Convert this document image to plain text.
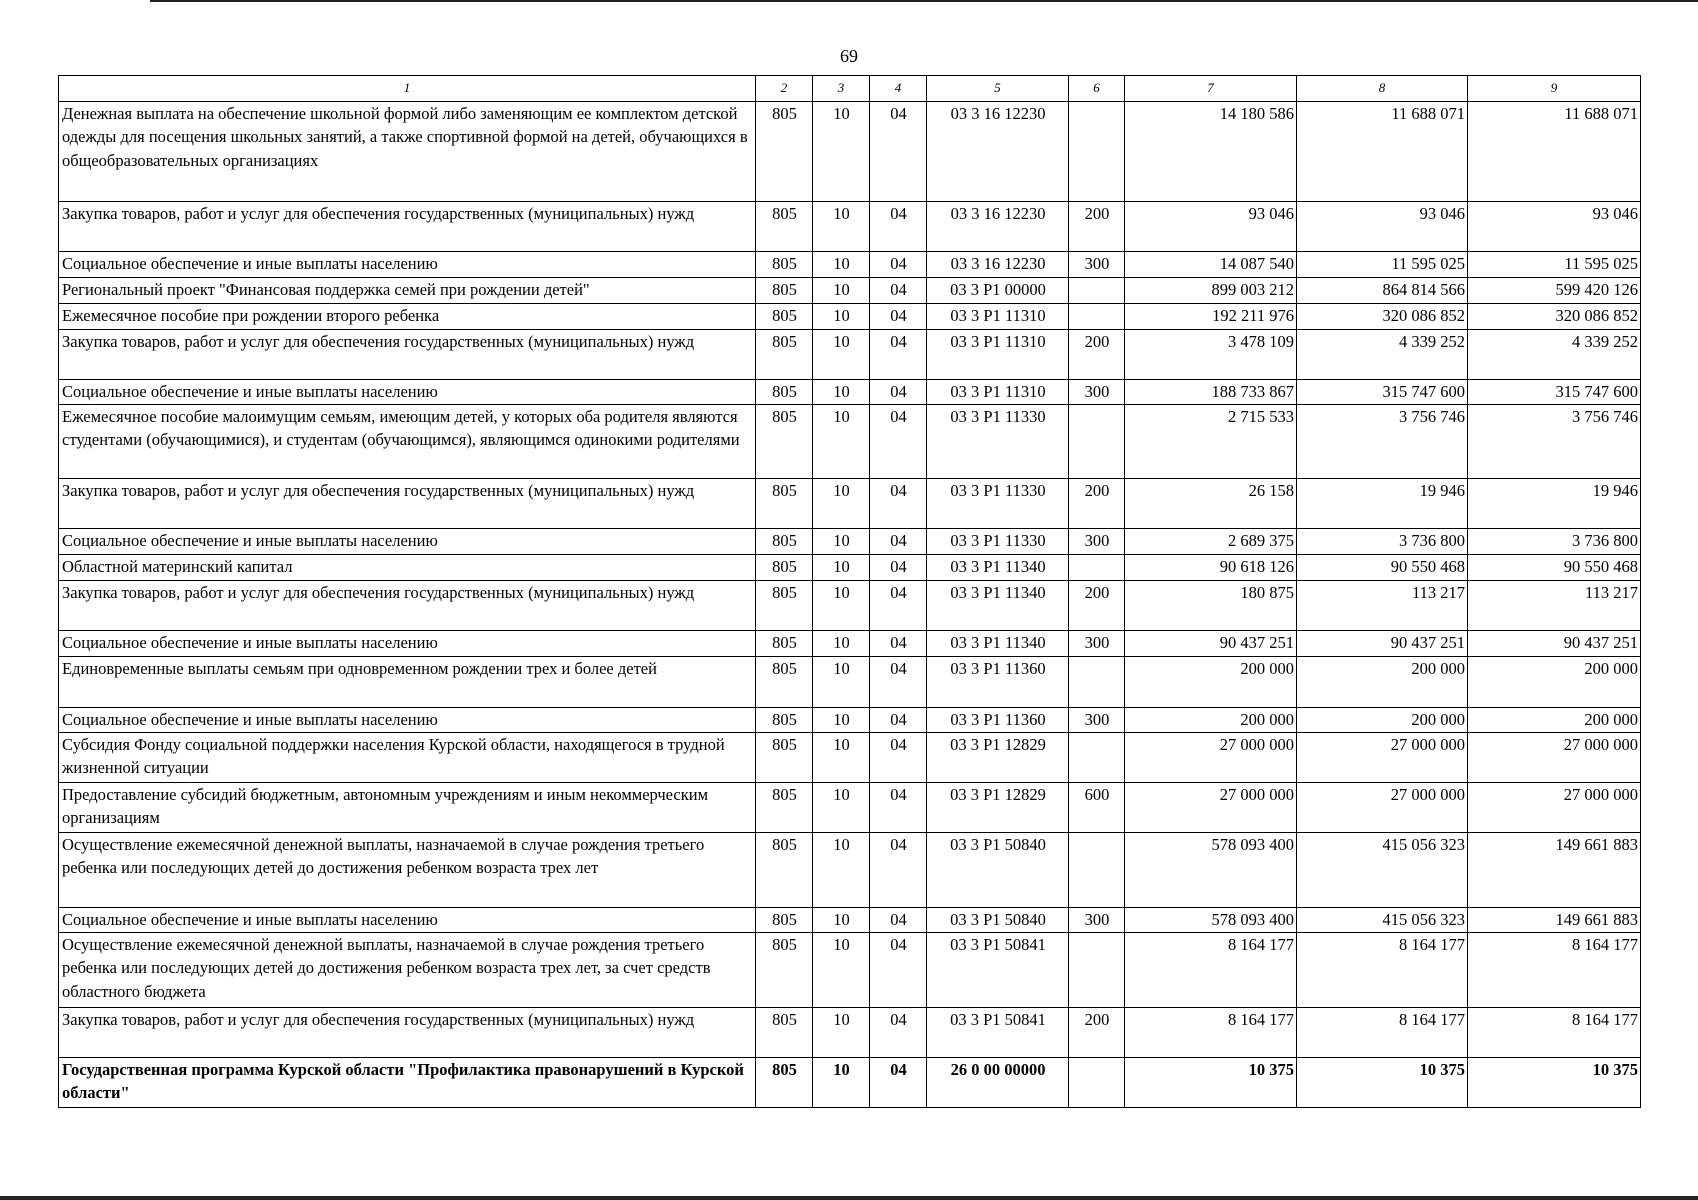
69
1	2	3	4	5	6	7	8	9
Денежная выплата на обеспечение школьной формой либо заменяющим ее комплектом детской одежды для посещения школьных занятий, а также спортивной формой на детей, обучающихся в общеобразовательных организациях	805	10	04	03 3 16 12230		14 180 586	11 688 071	11 688 071
Закупка товаров, работ и услуг для обеспечения государственных (муниципальных) нужд	805	10	04	03 3 16 12230	200	93 046	93 046	93 046
Социальное обеспечение и иные выплаты населению	805	10	04	03 3 16 12230	300	14 087 540	11 595 025	11 595 025
Региональный проект "Финансовая поддержка семей при рождении детей"	805	10	04	03 3 P1 00000		899 003 212	864 814 566	599 420 126
Ежемесячное пособие при рождении второго ребенка	805	10	04	03 3 P1 11310		192 211 976	320 086 852	320 086 852
Закупка товаров, работ и услуг для обеспечения государственных (муниципальных) нужд	805	10	04	03 3 P1 11310	200	3 478 109	4 339 252	4 339 252
Социальное обеспечение и иные выплаты населению	805	10	04	03 3 P1 11310	300	188 733 867	315 747 600	315 747 600
Ежемесячное пособие малоимущим семьям, имеющим детей, у которых оба родителя являются студентами (обучающимися), и студентам (обучающимся), являющимся одинокими родителями	805	10	04	03 3 P1 11330		2 715 533	3 756 746	3 756 746
Закупка товаров, работ и услуг для обеспечения государственных (муниципальных) нужд	805	10	04	03 3 P1 11330	200	26 158	19 946	19 946
Социальное обеспечение и иные выплаты населению	805	10	04	03 3 P1 11330	300	2 689 375	3 736 800	3 736 800
Областной материнский капитал	805	10	04	03 3 P1 11340		90 618 126	90 550 468	90 550 468
Закупка товаров, работ и услуг для обеспечения государственных (муниципальных) нужд	805	10	04	03 3 P1 11340	200	180 875	113 217	113 217
Социальное обеспечение и иные выплаты населению	805	10	04	03 3 P1 11340	300	90 437 251	90 437 251	90 437 251
Единовременные выплаты семьям при одновременном рождении трех и более детей	805	10	04	03 3 P1 11360		200 000	200 000	200 000
Социальное обеспечение и иные выплаты населению	805	10	04	03 3 P1 11360	300	200 000	200 000	200 000
Субсидия Фонду социальной поддержки населения Курской области, находящегося в трудной жизненной ситуации	805	10	04	03 3 P1 12829		27 000 000	27 000 000	27 000 000
Предоставление субсидий бюджетным, автономным учреждениям и иным некоммерческим организациям	805	10	04	03 3 P1 12829	600	27 000 000	27 000 000	27 000 000
Осуществление ежемесячной денежной выплаты, назначаемой в случае рождения третьего ребенка или последующих детей до достижения ребенком возраста трех лет	805	10	04	03 3 P1 50840		578 093 400	415 056 323	149 661 883
Социальное обеспечение и иные выплаты населению	805	10	04	03 3 P1 50840	300	578 093 400	415 056 323	149 661 883
Осуществление ежемесячной денежной выплаты, назначаемой в случае рождения третьего ребенка или последующих детей до достижения ребенком возраста трех лет, за счет средств областного бюджета	805	10	04	03 3 P1 50841		8 164 177	8 164 177	8 164 177
Закупка товаров, работ и услуг для обеспечения государственных (муниципальных) нужд	805	10	04	03 3 P1 50841	200	8 164 177	8 164 177	8 164 177
Государственная программа Курской области "Профилактика правонарушений в Курской области"	805	10	04	26 0 00 00000		10 375	10 375	10 375
